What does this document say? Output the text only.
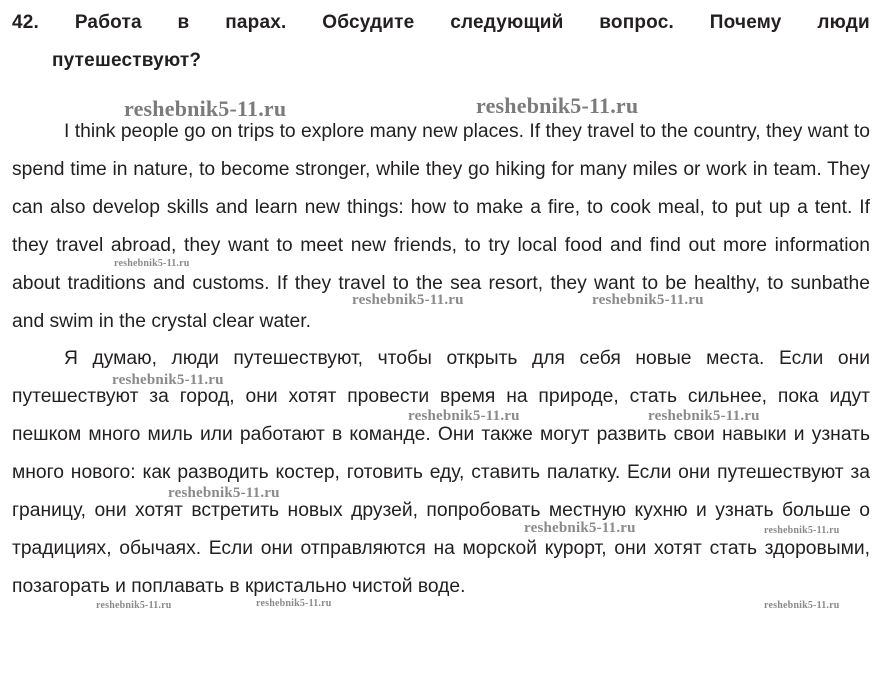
42. Работа в парах. Обсудите следующий вопрос. Почему люди
путешествуют?

I think people go on trips to explore many new places. If they travel to the country, they want to spend time in nature, to become stronger, while they go hiking for many miles or work in team. They can also develop skills and learn new things: how to make a fire, to cook meal, to put up a tent. If they travel abroad, they want to meet new friends, to try local food and find out more information about traditions and customs. If they travel to the sea resort, they want to be healthy, to sunbathe and swim in the crystal clear water.

Я думаю, люди путешествуют, чтобы открыть для себя новые места. Если они путешествуют за город, они хотят провести время на природе, стать сильнее, пока идут пешком много миль или работают в команде. Они также могут развить свои навыки и узнать много нового: как разводить костер, готовить еду, ставить палатку. Если они путешествуют за границу, они хотят встретить новых друзей, попробовать местную кухню и узнать больше о традициях, обычаях. Если они отправляются на морской курорт, они хотят стать здоровыми, позагорать и поплавать в кристально чистой воде.

reshebnik5-11.ru	reshebnik5-11.ru
reshebnik5-11.ru
reshebnik5-11.ru	reshebnik5-11.ru
reshebnik5-11.ru
reshebnik5-11.ru	reshebnik5-11.ru
reshebnik5-11.ru
reshebnik5-11.ru	reshebnik5-11.ru
reshebnik5-11.ru	reshebnik5-11.ru	reshebnik5-11.ru
